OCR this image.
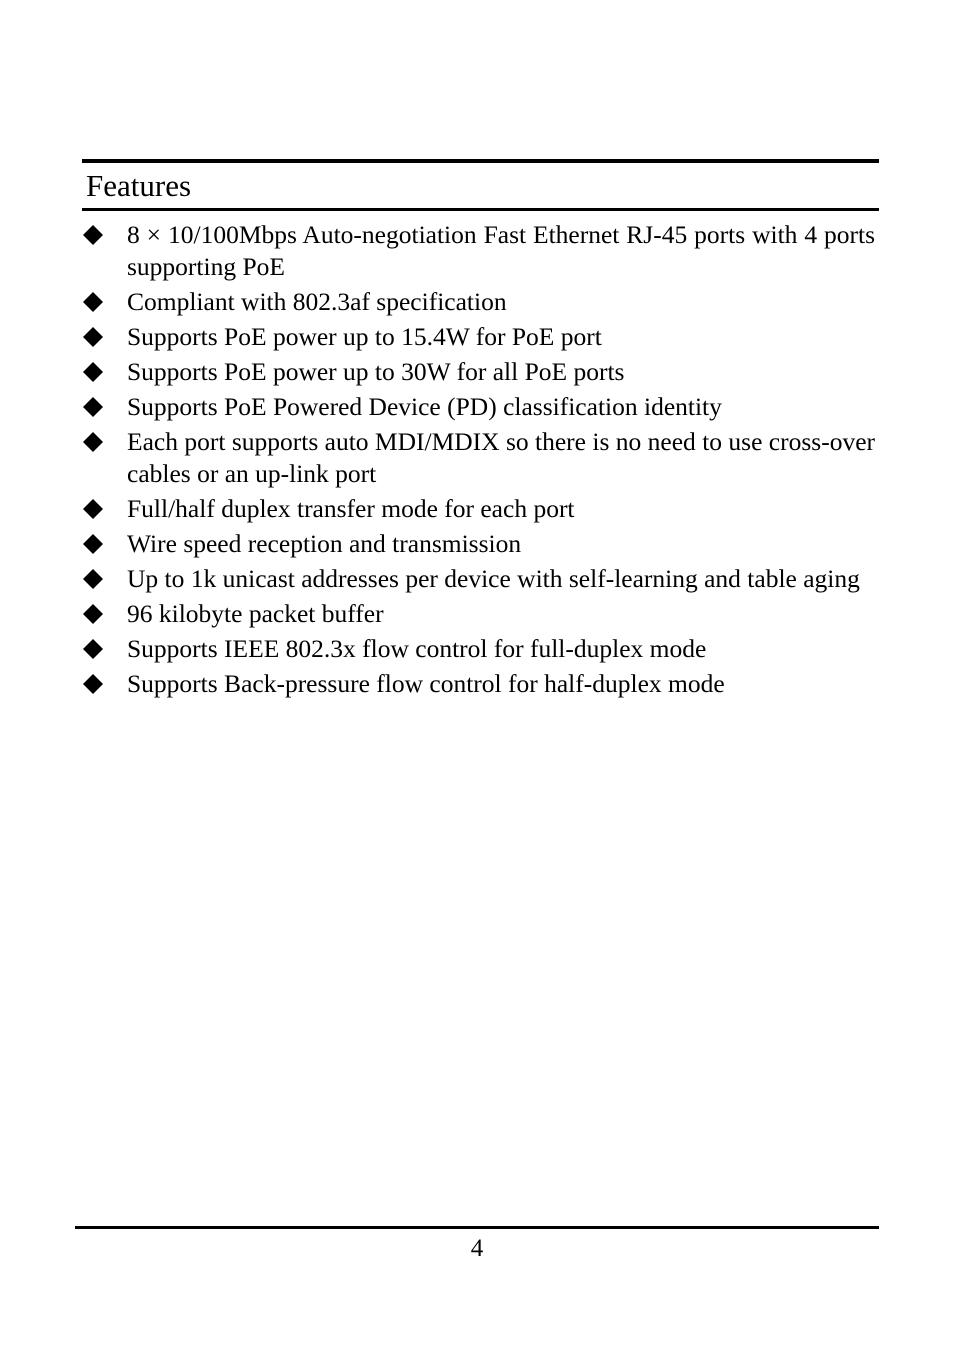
Features
8 × 10/100Mbps Auto-negotiation Fast Ethernet RJ-45 ports with 4 ports supporting PoE
Compliant with 802.3af specification
Supports PoE power up to 15.4W for PoE port
Supports PoE power up to 30W for all PoE ports
Supports PoE Powered Device (PD) classification identity
Each port supports auto MDI/MDIX so there is no need to use cross-over cables or an up-link port
Full/half duplex transfer mode for each port
Wire speed reception and transmission
Up to 1k unicast addresses per device with self-learning and table aging
96 kilobyte packet buffer
Supports IEEE 802.3x flow control for full-duplex mode
Supports Back-pressure flow control for half-duplex mode
4
